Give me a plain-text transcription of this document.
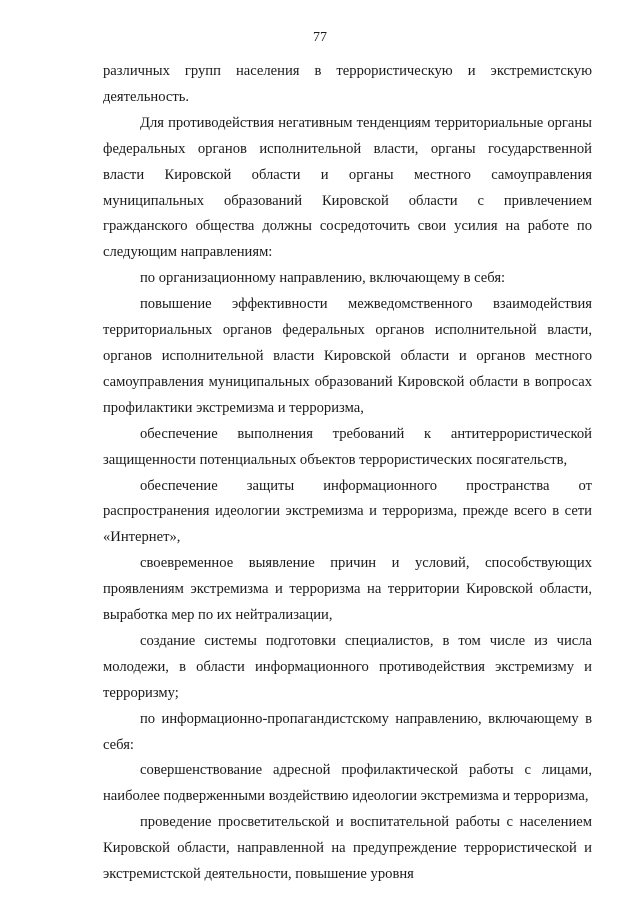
77

различных групп населения в террористическую и экстремистскую деятельность.

Для противодействия негативным тенденциям территориальные органы федеральных органов исполнительной власти, органы государственной власти Кировской области и органы местного самоуправления муниципальных образований Кировской области с привлечением гражданского общества должны сосредоточить свои усилия на работе по следующим направлениям:

по организационному направлению, включающему в себя:

повышение эффективности межведомственного взаимодействия территориальных органов федеральных органов исполнительной власти, органов исполнительной власти Кировской области и органов местного самоуправления муниципальных образований Кировской области в вопросах профилактики экстремизма и терроризма,

обеспечение выполнения требований к антитеррористической защищенности потенциальных объектов террористических посягательств,

обеспечение защиты информационного пространства от распространения идеологии экстремизма и терроризма, прежде всего в сети «Интернет»,

своевременное выявление причин и условий, способствующих проявлениям экстремизма и терроризма на территории Кировской области, выработка мер по их нейтрализации,

создание системы подготовки специалистов, в том числе из числа молодежи, в области информационного противодействия экстремизму и терроризму;

по информационно-пропагандистскому направлению, включающему в себя:

совершенствование адресной профилактической работы с лицами, наиболее подверженными воздействию идеологии экстремизма и терроризма,

проведение просветительской и воспитательной работы с населением Кировской области, направленной на предупреждение террористической и экстремистской деятельности, повышение уровня
